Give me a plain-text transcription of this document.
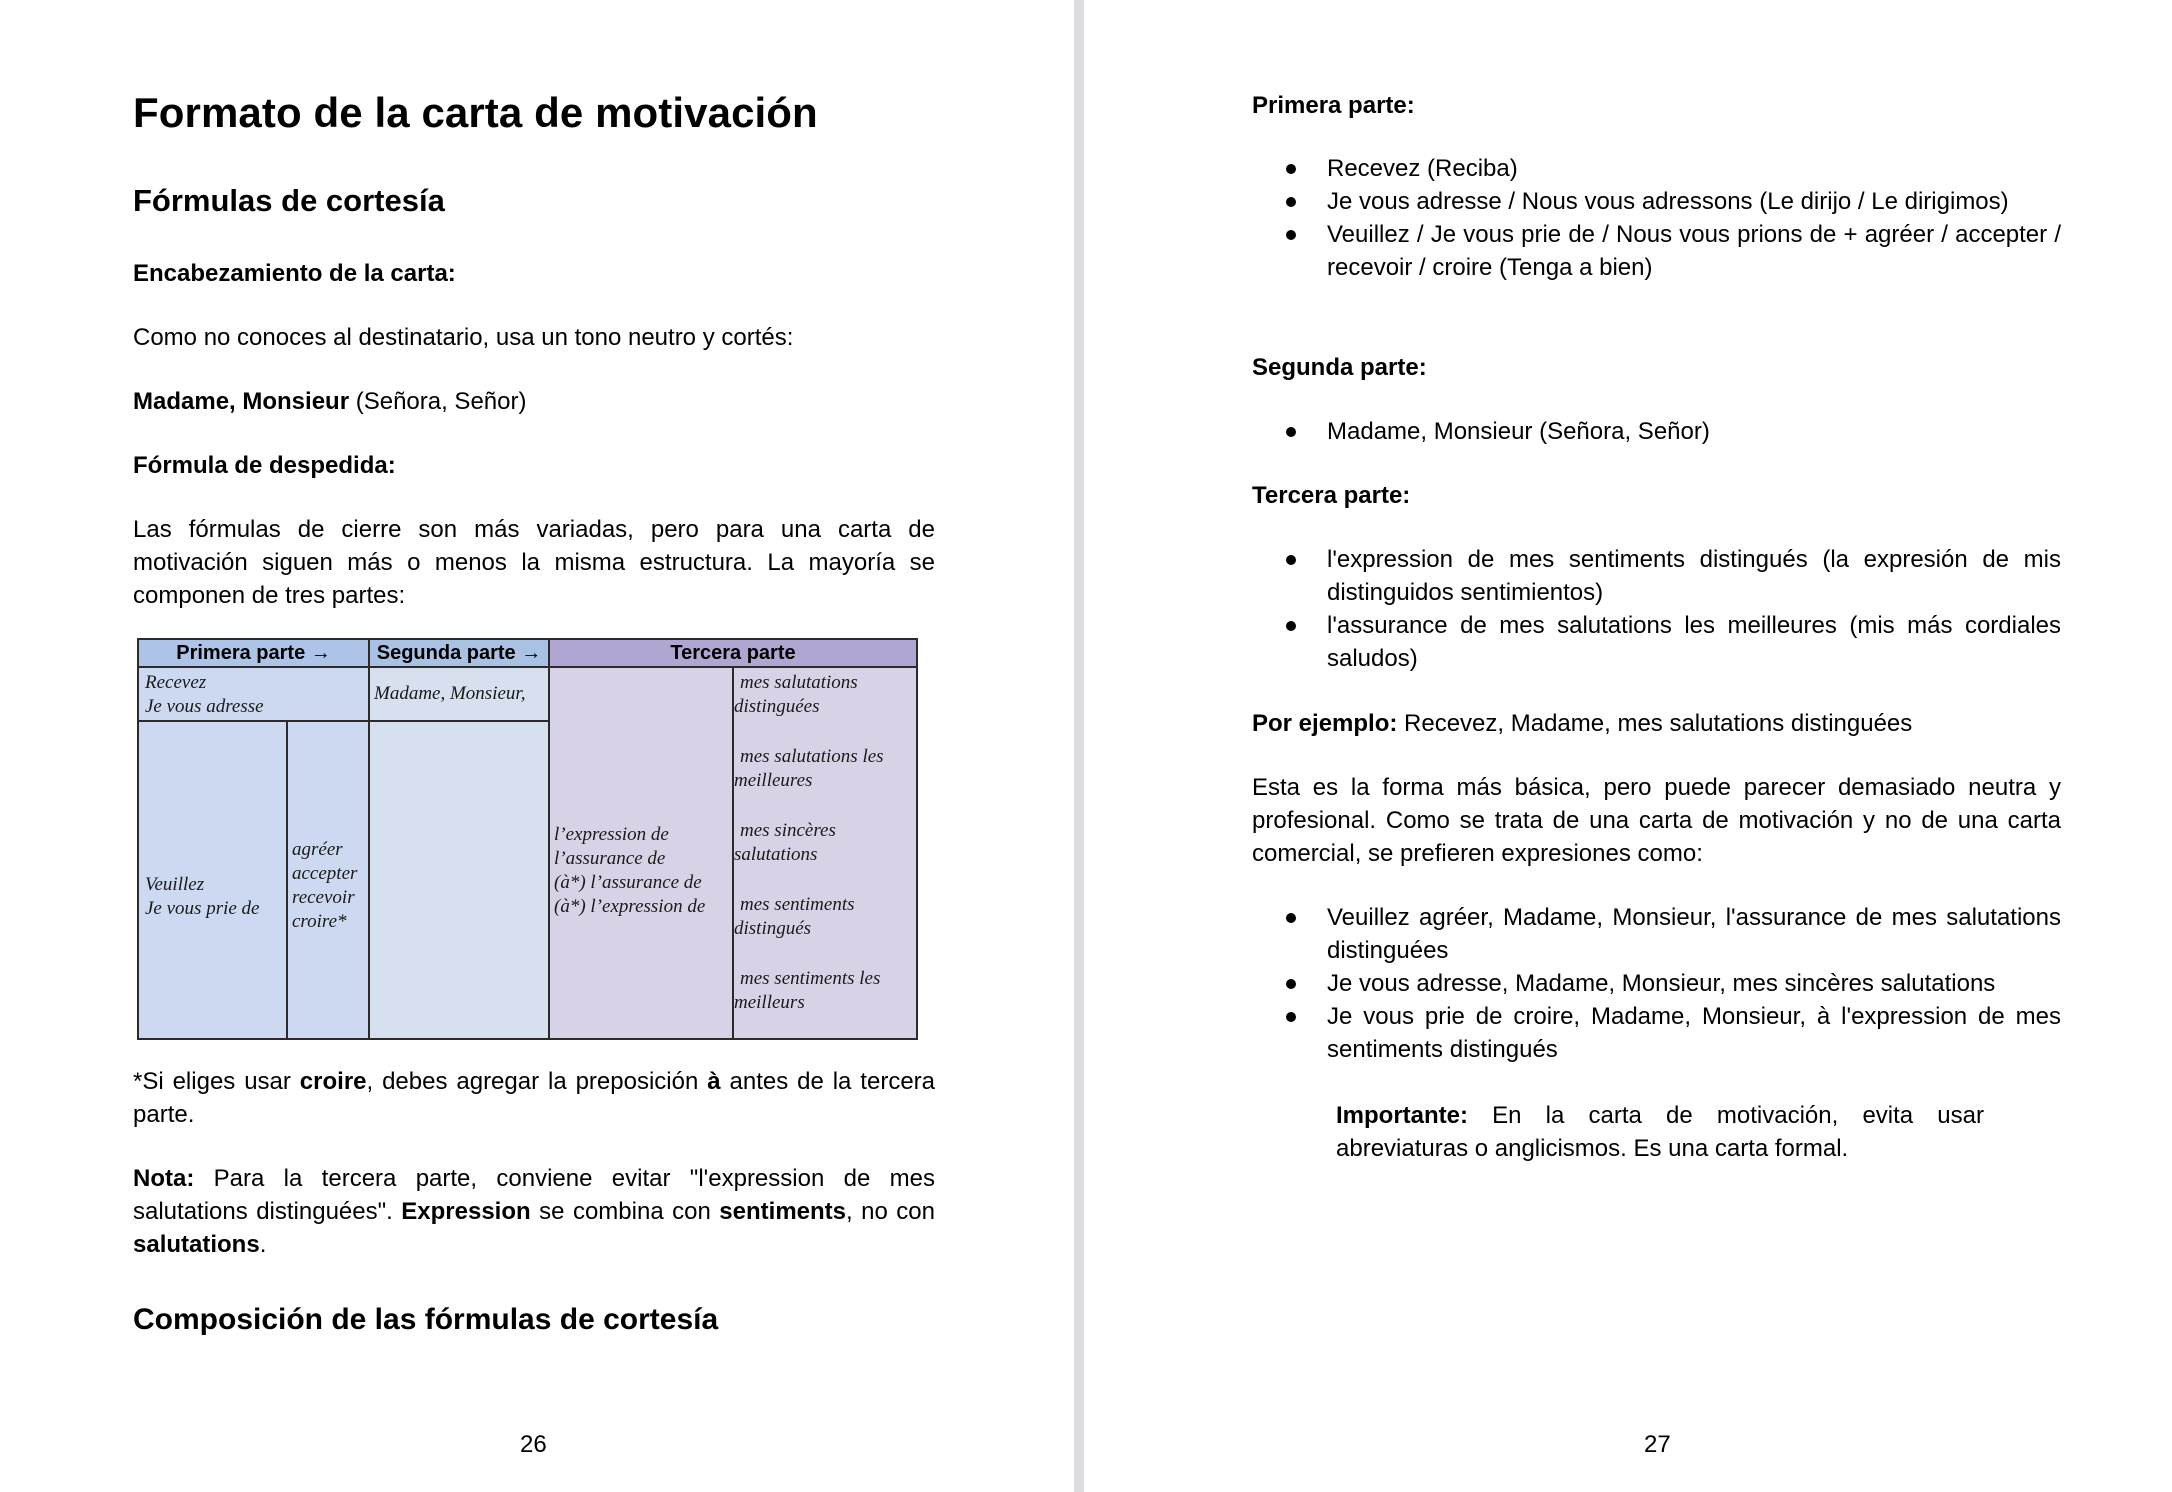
Formato de la carta de motivación
Fórmulas de cortesía
Encabezamiento de la carta:
Como no conoces al destinatario, usa un tono neutro y cortés:
Madame, Monsieur (Señora, Señor)
Fórmula de despedida:
Las fórmulas de cierre son más variadas, pero para una carta de motivación siguen más o menos la misma estructura. La mayoría se componen de tres partes:
Primera parte →	Segunda parte →	Tercera parte
Recevez
Je vous adresse
Veuillez
Je vous prie de
agréer
accepter
recevoir
croire*
Madame, Monsieur,
l’expression de
l’assurance de
(à*) l’assurance de
(à*) l’expression de
mes salutations
distinguées
mes salutations les
meilleures
mes sincères
salutations
mes sentiments
distingués
mes sentiments les
meilleurs
*Si eliges usar croire, debes agregar la preposición à antes de la tercera parte.
Nota: Para la tercera parte, conviene evitar "l'expression de mes salutations distinguées". Expression se combina con sentiments, no con salutations.
Composición de las fórmulas de cortesía
26
Primera parte:
Recevez (Reciba)
Je vous adresse / Nous vous adressons (Le dirijo / Le dirigimos)
Veuillez / Je vous prie de / Nous vous prions de + agréer / accepter / recevoir / croire (Tenga a bien)
Segunda parte:
Madame, Monsieur (Señora, Señor)
Tercera parte:
l'expression de mes sentiments distingués (la expresión de mis distinguidos sentimientos)
l'assurance de mes salutations les meilleures (mis más cordiales saludos)
Por ejemplo: Recevez, Madame, mes salutations distinguées
Esta es la forma más básica, pero puede parecer demasiado neutra y profesional. Como se trata de una carta de motivación y no de una carta comercial, se prefieren expresiones como:
Veuillez agréer, Madame, Monsieur, l'assurance de mes salutations distinguées
Je vous adresse, Madame, Monsieur, mes sincères salutations
Je vous prie de croire, Madame, Monsieur, à l'expression de mes sentiments distingués
Importante: En la carta de motivación, evita usar abreviaturas o anglicismos. Es una carta formal.
27
